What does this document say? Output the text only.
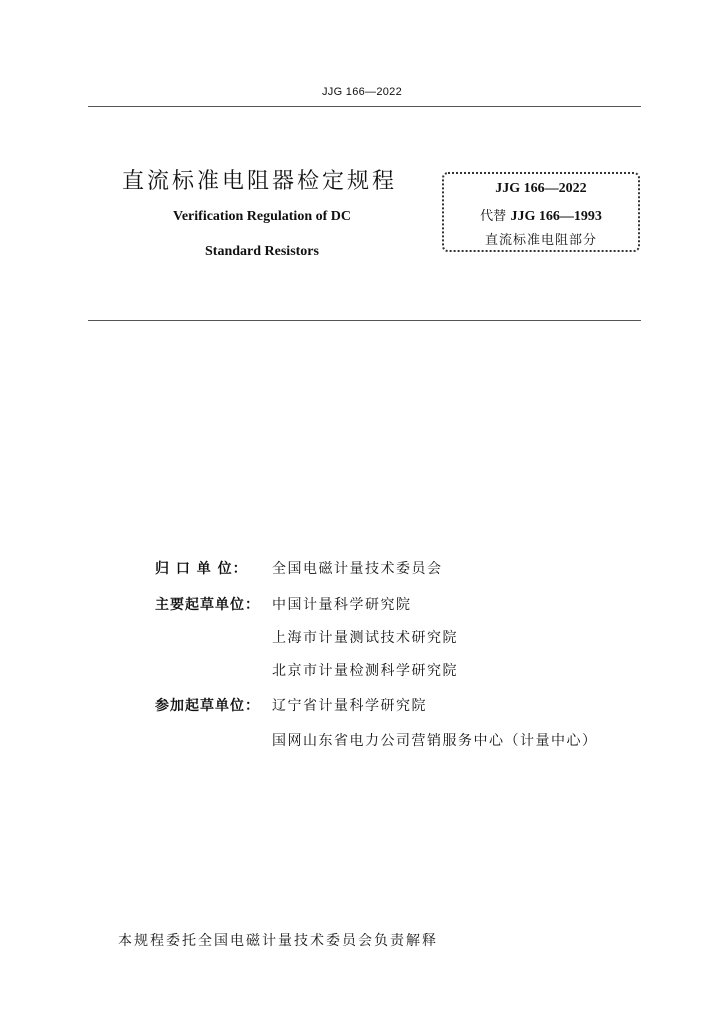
JJG 166—2022
直流标准电阻器检定规程
Verification Regulation of DC
Standard Resistors
JJG 166—2022
代替 JJG 166—1993
直流标准电阻部分
归 口 单 位： 全国电磁计量技术委员会
主要起草单位： 中国计量科学研究院
上海市计量测试技术研究院
北京市计量检测科学研究院
参加起草单位： 辽宁省计量科学研究院
国网山东省电力公司营销服务中心（计量中心）
本规程委托全国电磁计量技术委员会负责解释
